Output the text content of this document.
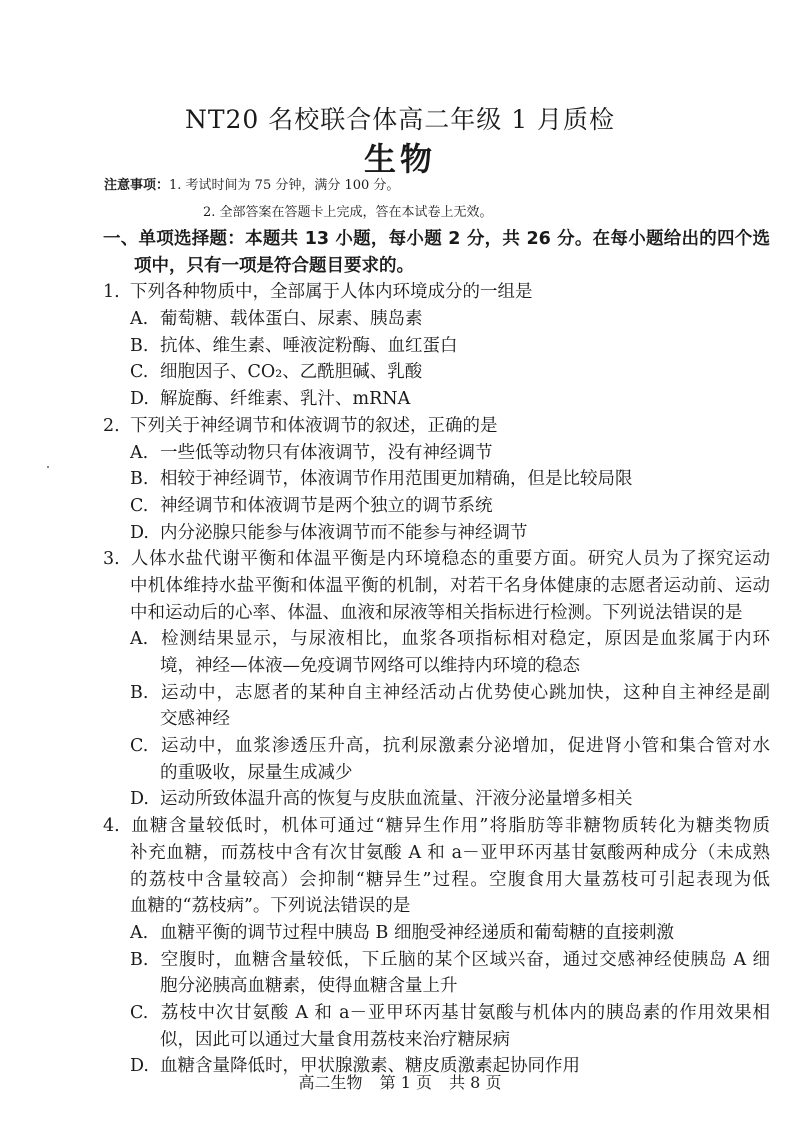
NT20 名校联合体高二年级 1 月质检
生物
注意事项：1. 考试时间为 75 分钟，满分 100 分。
2. 全部答案在答题卡上完成，答在本试卷上无效。
一、单项选择题：本题共 13 小题，每小题 2 分，共 26 分。在每小题给出的四个选
项中，只有一项是符合题目要求的。
1. 下列各种物质中，全部属于人体内环境成分的一组是
A. 葡萄糖、载体蛋白、尿素、胰岛素
B. 抗体、维生素、唾液淀粉酶、血红蛋白
C. 细胞因子、CO₂、乙酰胆碱、乳酸
D. 解旋酶、纤维素、乳汁、mRNA
2. 下列关于神经调节和体液调节的叙述，正确的是
A. 一些低等动物只有体液调节，没有神经调节
B. 相较于神经调节，体液调节作用范围更加精确，但是比较局限
C. 神经调节和体液调节是两个独立的调节系统
D. 内分泌腺只能参与体液调节而不能参与神经调节
3. 人体水盐代谢平衡和体温平衡是内环境稳态的重要方面。研究人员为了探究运动
中机体维持水盐平衡和体温平衡的机制，对若干名身体健康的志愿者运动前、运动
中和运动后的心率、体温、血液和尿液等相关指标进行检测。下列说法错误的是
A. 检测结果显示，与尿液相比，血浆各项指标相对稳定，原因是血浆属于内环
境，神经—体液—免疫调节网络可以维持内环境的稳态
B. 运动中，志愿者的某种自主神经活动占优势使心跳加快，这种自主神经是副
交感神经
C. 运动中，血浆渗透压升高，抗利尿激素分泌增加，促进肾小管和集合管对水
的重吸收，尿量生成减少
D. 运动所致体温升高的恢复与皮肤血流量、汗液分泌量增多相关
4. 血糖含量较低时，机体可通过“糖异生作用”将脂肪等非糖物质转化为糖类物质
补充血糖，而荔枝中含有次甘氨酸 A 和 a－亚甲环丙基甘氨酸两种成分（未成熟
的荔枝中含量较高）会抑制“糖异生”过程。空腹食用大量荔枝可引起表现为低
血糖的“荔枝病”。下列说法错误的是
A. 血糖平衡的调节过程中胰岛 B 细胞受神经递质和葡萄糖的直接刺激
B. 空腹时，血糖含量较低，下丘脑的某个区域兴奋，通过交感神经使胰岛 A 细
胞分泌胰高血糖素，使得血糖含量上升
C. 荔枝中次甘氨酸 A 和 a－亚甲环丙基甘氨酸与机体内的胰岛素的作用效果相
似，因此可以通过大量食用荔枝来治疗糖尿病
D. 血糖含量降低时，甲状腺激素、糖皮质激素起协同作用
高二生物 第 1 页 共 8 页
